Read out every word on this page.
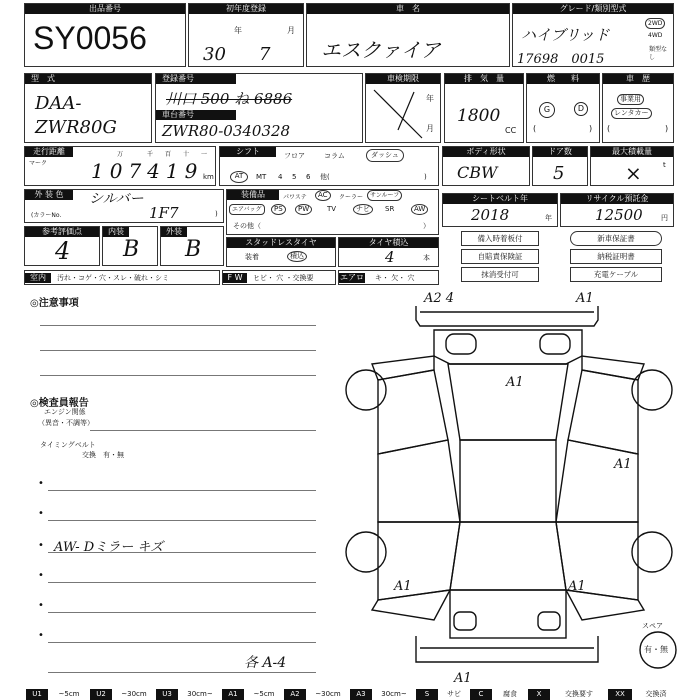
出品番号
SY0056
初年度登録
年	月
30 7
車　名
エスクァイア
グレード/類別型式
ハイブリッド
17698　0015
2WD
4WD
類型なし
型　式
DAA-ZWR80G
登録番号
川口 500 ね 6886
車台番号
ZWR80-0340328
車検期限
年
月
排　気　量
1800
CC
燃　　料
G	D
(	)
車　歴
事業用
レンタカー
(	)
走行距離
マーク
万	千 百 十 一
107419 km
シフト	フロア	コラム	ダッシュ
AT	MT 4 5 6 他(	)
ボディ形状
CBW
ドア数
5
最大積載量
×	t
外 装 色	シルバー
(カラーNo.	1F7	)
装備品	パワステ	AC	クーラー	サンルーフ
エアバッグ	PS	PW	TV	ナビ	SR	AW
その他（	）
シートベルト年
2018	年
リサイクル預託金
12500	円
参考評価点
4
内装
B
外装
B	スタッドレスタイヤ
装着	積込
タイヤ積込
4	本
備入時着板付	新車保証書
自賠責保険証	納税証明書
抹消受付可	充電ケーブル
室内	汚れ・コゲ・穴・スレ・破れ・シミ	F W	ヒビ・ 穴 ・交換要	エアロ キ・ 欠・ 穴
◎注意事項
◎検査員報告
エンジン関係
（異音・不調等）
タイミングベルト
交換　有・無
•
•
• AW- Dミラー キズ
•
•
•
各 A-4
A2 4	A1
A1
A1
A1	A1
A1
スペア
有・無
U1	~5cm	U2	~30cm	U3	30cm~	A1	~5cm	A2	~30cm	A3	30cm~	S	サビ	C	腐食	X	交換要す	XX	交換済
